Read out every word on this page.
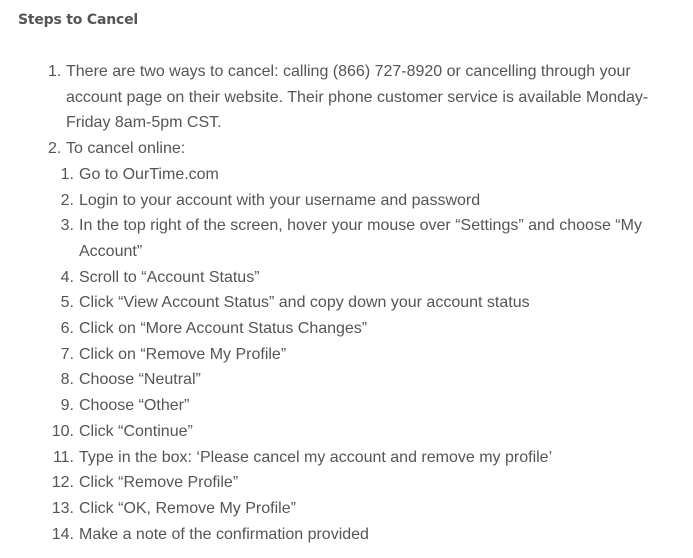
Steps to Cancel
1. There are two ways to cancel: calling (866) 727-8920 or cancelling through your account page on their website. Their phone customer service is available Monday-Friday 8am-5pm CST.
2. To cancel online:
1. Go to OurTime.com
2. Login to your account with your username and password
3. In the top right of the screen, hover your mouse over “Settings” and choose “My Account”
4. Scroll to “Account Status”
5. Click “View Account Status” and copy down your account status
6. Click on “More Account Status Changes”
7. Click on “Remove My Profile”
8. Choose “Neutral”
9. Choose “Other”
10. Click “Continue”
11. Type in the box: ‘Please cancel my account and remove my profile’
12. Click “Remove Profile”
13. Click “OK, Remove My Profile”
14. Make a note of the confirmation provided
